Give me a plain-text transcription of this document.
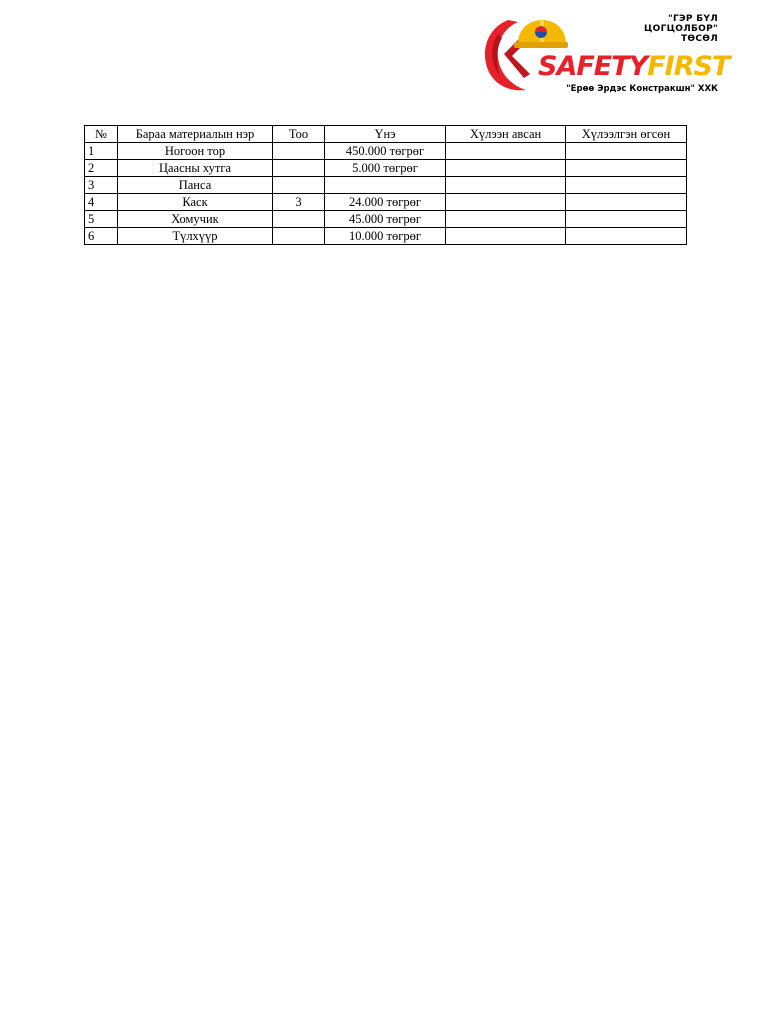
"ГЭР БҮЛ ЦОГЦОЛБОР"
ТӨСӨЛ
SAFETYFIRST
"Ерөө Эрдэс Констракшн" ХХК
№	Бараа материалын нэр	Тоо	Үнэ	Хүлээн авсан	Хүлээлгэн өгсөн
1	Ногоон тор		450.000 төгрөг		
2	Цаасны хутга		5.000 төгрөг		
3	Панса				
4	Каск	3	24.000 төгрөг		
5	Хомучик		45.000 төгрөг		
6	Түлхүүр		10.000 төгрөг		
